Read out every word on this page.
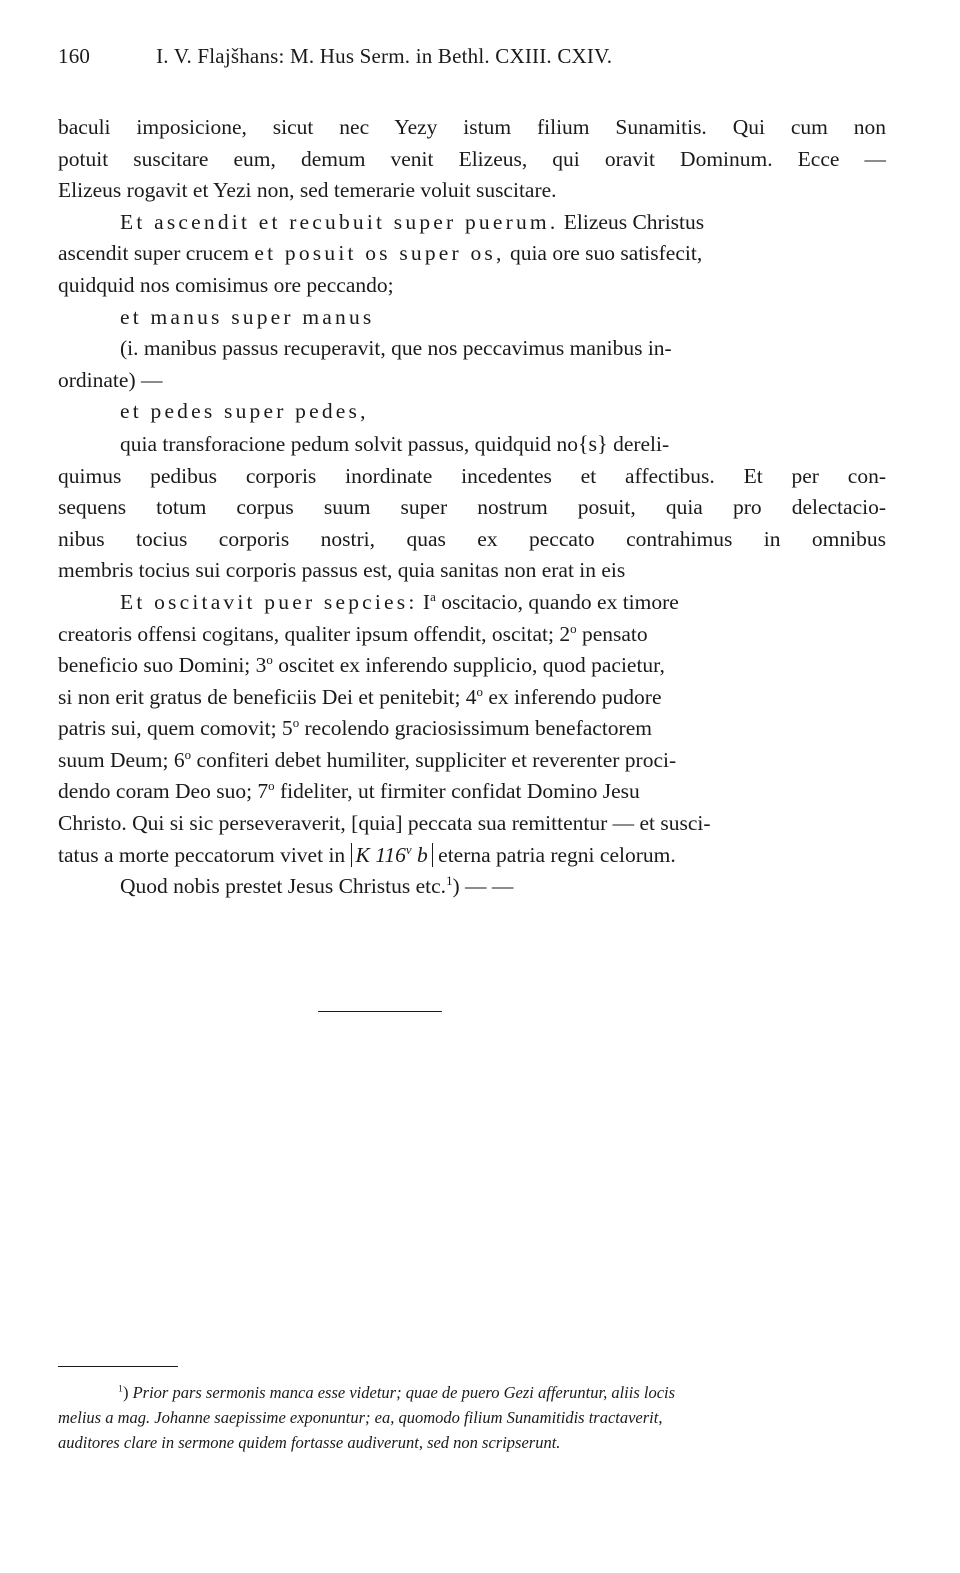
160	I. V. Flajšhans: M. Hus Serm. in Bethl. CXIII. CXIV.
baculi imposicione, sicut nec Yezy istum filium Sunamitis. Qui cum non
potuit suscitare eum, demum venit Elizeus, qui oravit Dominum. Ecce —
Elizeus rogavit et Yezi non, sed temerarie voluit suscitare.
Et ascendit et recubuit super puerum. Elizeus Christus
ascendit super crucem et posuit os super os, quia ore suo satisfecit,
quidquid nos comisimus ore peccando;
et manus super manus
(i. manibus passus recuperavit, que nos peccavimus manibus in-
ordinate) —
et pedes super pedes,
quia transforacione pedum solvit passus, quidquid no{s} dereli-
quimus pedibus corporis inordinate incedentes et affectibus. Et per con-
sequens totum corpus suum super nostrum posuit, quia pro delectacio-
nibus tocius corporis nostri, quas ex peccato contrahimus in omnibus
membris tocius sui corporis passus est, quia sanitas non erat in eis
Et oscitavit puer sepcies: $I^a$ oscitacio, quando ex timore
creatoris offensi cogitans, qualiter ipsum offendit, oscitat; 2$^o$ pensato
beneficio suo Domini; 3$^o$ oscitet ex inferendo supplicio, quod pacietur,
si non erit gratus de beneficiis Dei et penitebit; 4$^o$ ex inferendo pudore
patris sui, quem comovit; 5$^o$ recolendo graciosissimum benefactorem
suum Deum; 6$^o$ confiteri debet humiliter, suppliciter et reverenter proci-
dendo coram Deo suo; 7$^o$ fideliter, ut firmiter confidat Domino Jesu
Christo. Qui si sic perseveraverit, [quia] peccata sua remittentur — et susci-
tatus a morte peccatorum vivet in K 116$^v$ b eterna patria regni celorum.
Quod nobis prestet Jesus Christus etc.$^1$) — —
$^1$) Prior pars sermonis manca esse videtur; quae de puero Gezi afferuntur, aliis locis
melius a mag. Johanne saepissime exponuntur; ea, quomodo filium Sunamitidis tractaverit,
auditores clare in sermone quidem fortasse audiverunt, sed non scripserunt.
